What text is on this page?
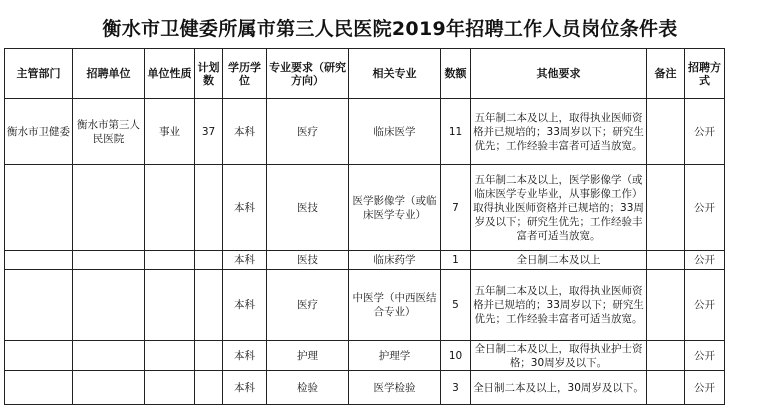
衡水市卫健委所属市第三人民医院2019年招聘工作人员岗位条件表
主管部门	招聘单位	单位性质	计划数	学历学位	专业要求（研究方向）	相关专业	数额	其他要求	备注	招聘方式
衡水市卫健委	衡水市第三人民医院	事业	37	本科	医疗	临床医学	11	五年制二本及以上，取得执业医师资格并已规培的；33周岁以下；研究生优先；工作经验丰富者可适当放宽。		公开
				本科	医技	医学影像学（或临床医学专业）	7	五年制二本及以上，医学影像学（或临床医学专业毕业，从事影像工作）取得执业医师资格并已规培的；33周岁及以下；研究生优先；工作经验丰富者可适当放宽。		公开
				本科	医技	临床药学	1	全日制二本及以上		公开
				本科	医疗	中医学（中西医结合专业）	5	五年制二本及以上，取得执业医师资格并已规培的；33周岁以下；研究生优先；工作经验丰富者可适当放宽。		公开
				本科	护理	护理学	10	全日制二本及以上，取得执业护士资格；30周岁及以下。		公开
				本科	检验	医学检验	3	全日制二本及以上，30周岁及以下。		公开
